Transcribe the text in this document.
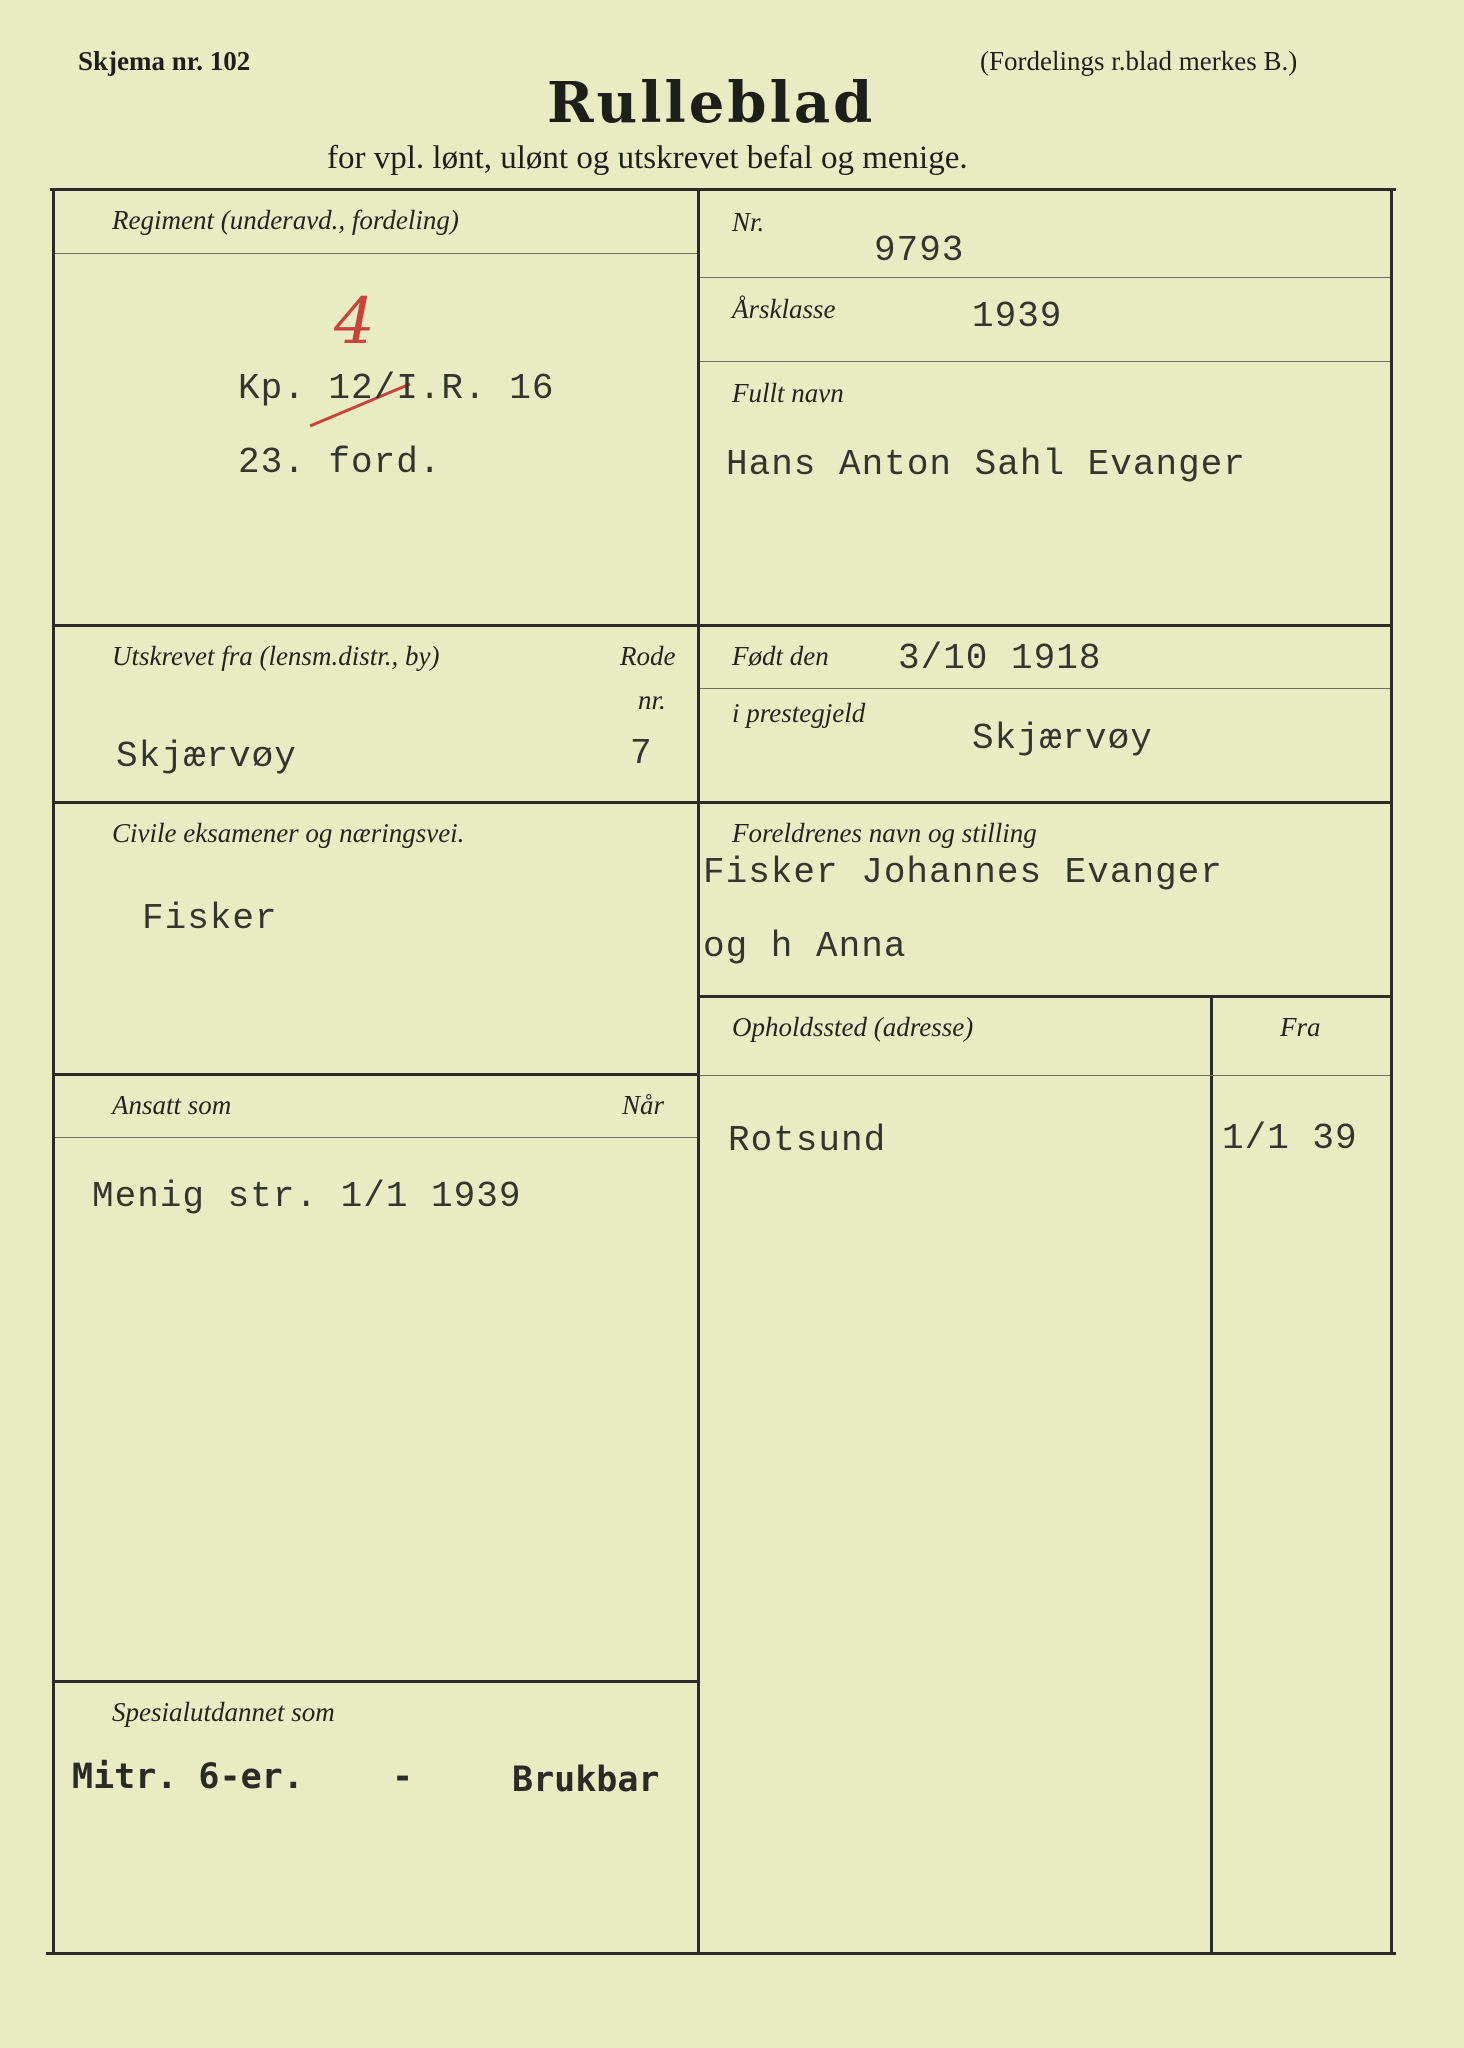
Skjema nr. 102	(Fordelings r.blad merkes B.)
Rulleblad
for vpl. lønt, ulønt og utskrevet befal og menige.
Regiment (underavd., fordeling)
4
Kp. 12/I.R. 16
23. ford.
Nr.
9793
Årsklasse	1939
Fullt navn
Hans Anton Sahl Evanger
Utskrevet fra (lensm.distr., by)	Rode
nr.
Skjærvøy	7
Født den 3/10 1918
i prestegjeld
Skjærvøy
Civile eksamener og næringsvei.
Fisker
Foreldrenes navn og stilling
Fisker Johannes Evanger
og h Anna
Opholdssted (adresse)	Fra
Rotsund	1/1 39
Ansatt som	Når
Menig str. 1/1 1939
Spesialutdannet som
Mitr. 6-er.	-	Brukbar
